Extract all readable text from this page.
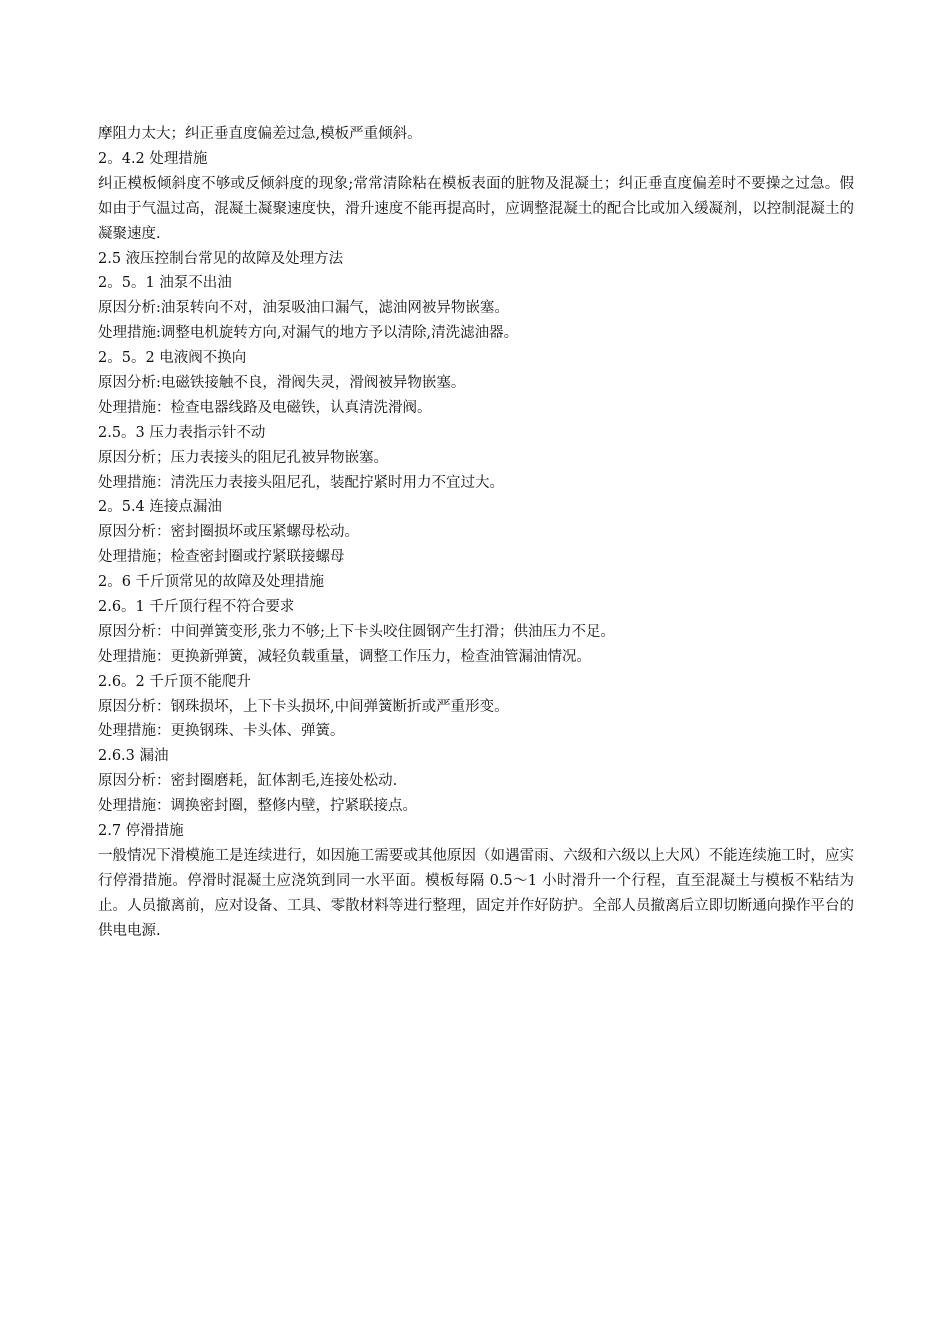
摩阻力太大；纠正垂直度偏差过急,模板严重倾斜。
2。4.2 处理措施
纠正模板倾斜度不够或反倾斜度的现象;常常清除粘在模板表面的脏物及混凝土；纠正垂直度偏差时不要操之过急。假如由于气温过高，混凝土凝聚速度快，滑升速度不能再提高时，应调整混凝土的配合比或加入缓凝剂，以控制混凝土的凝聚速度.
2.5 液压控制台常见的故障及处理方法
2。5。1 油泵不出油
原因分析:油泵转向不对，油泵吸油口漏气，滤油网被异物嵌塞。
处理措施:调整电机旋转方向,对漏气的地方予以清除,清洗滤油器。
2。5。2 电液阀不换向
原因分析:电磁铁接触不良，滑阀失灵，滑阀被异物嵌塞。
处理措施：检查电器线路及电磁铁，认真清洗滑阀。
2.5。3 压力表指示针不动
原因分析；压力表接头的阻尼孔被异物嵌塞。
处理措施：清洗压力表接头阻尼孔，装配拧紧时用力不宜过大。
2。5.4 连接点漏油
原因分析：密封圈损坏或压紧螺母松动。
处理措施；检查密封圈或拧紧联接螺母
2。6 千斤顶常见的故障及处理措施
2.6。1 千斤顶行程不符合要求
原因分析：中间弹簧变形,张力不够;上下卡头咬住圆钢产生打滑；供油压力不足。
处理措施：更换新弹簧，减轻负载重量，调整工作压力，检查油管漏油情况。
2.6。2 千斤顶不能爬升
原因分析：钢珠损坏，上下卡头损坏,中间弹簧断折或严重形变。
处理措施：更换钢珠、卡头体、弹簧。
2.6.3 漏油
原因分析：密封圈磨耗，缸体割毛,连接处松动.
处理措施：调换密封圈，整修内壁，拧紧联接点。
2.7 停滑措施
一般情况下滑模施工是连续进行，如因施工需要或其他原因（如遇雷雨、六级和六级以上大风）不能连续施工时，应实行停滑措施。停滑时混凝土应浇筑到同一水平面。模板每隔 0.5～1 小时滑升一个行程，直至混凝土与模板不粘结为止。人员撤离前，应对设备、工具、零散材料等进行整理，固定并作好防护。全部人员撤离后立即切断通向操作平台的供电电源.
